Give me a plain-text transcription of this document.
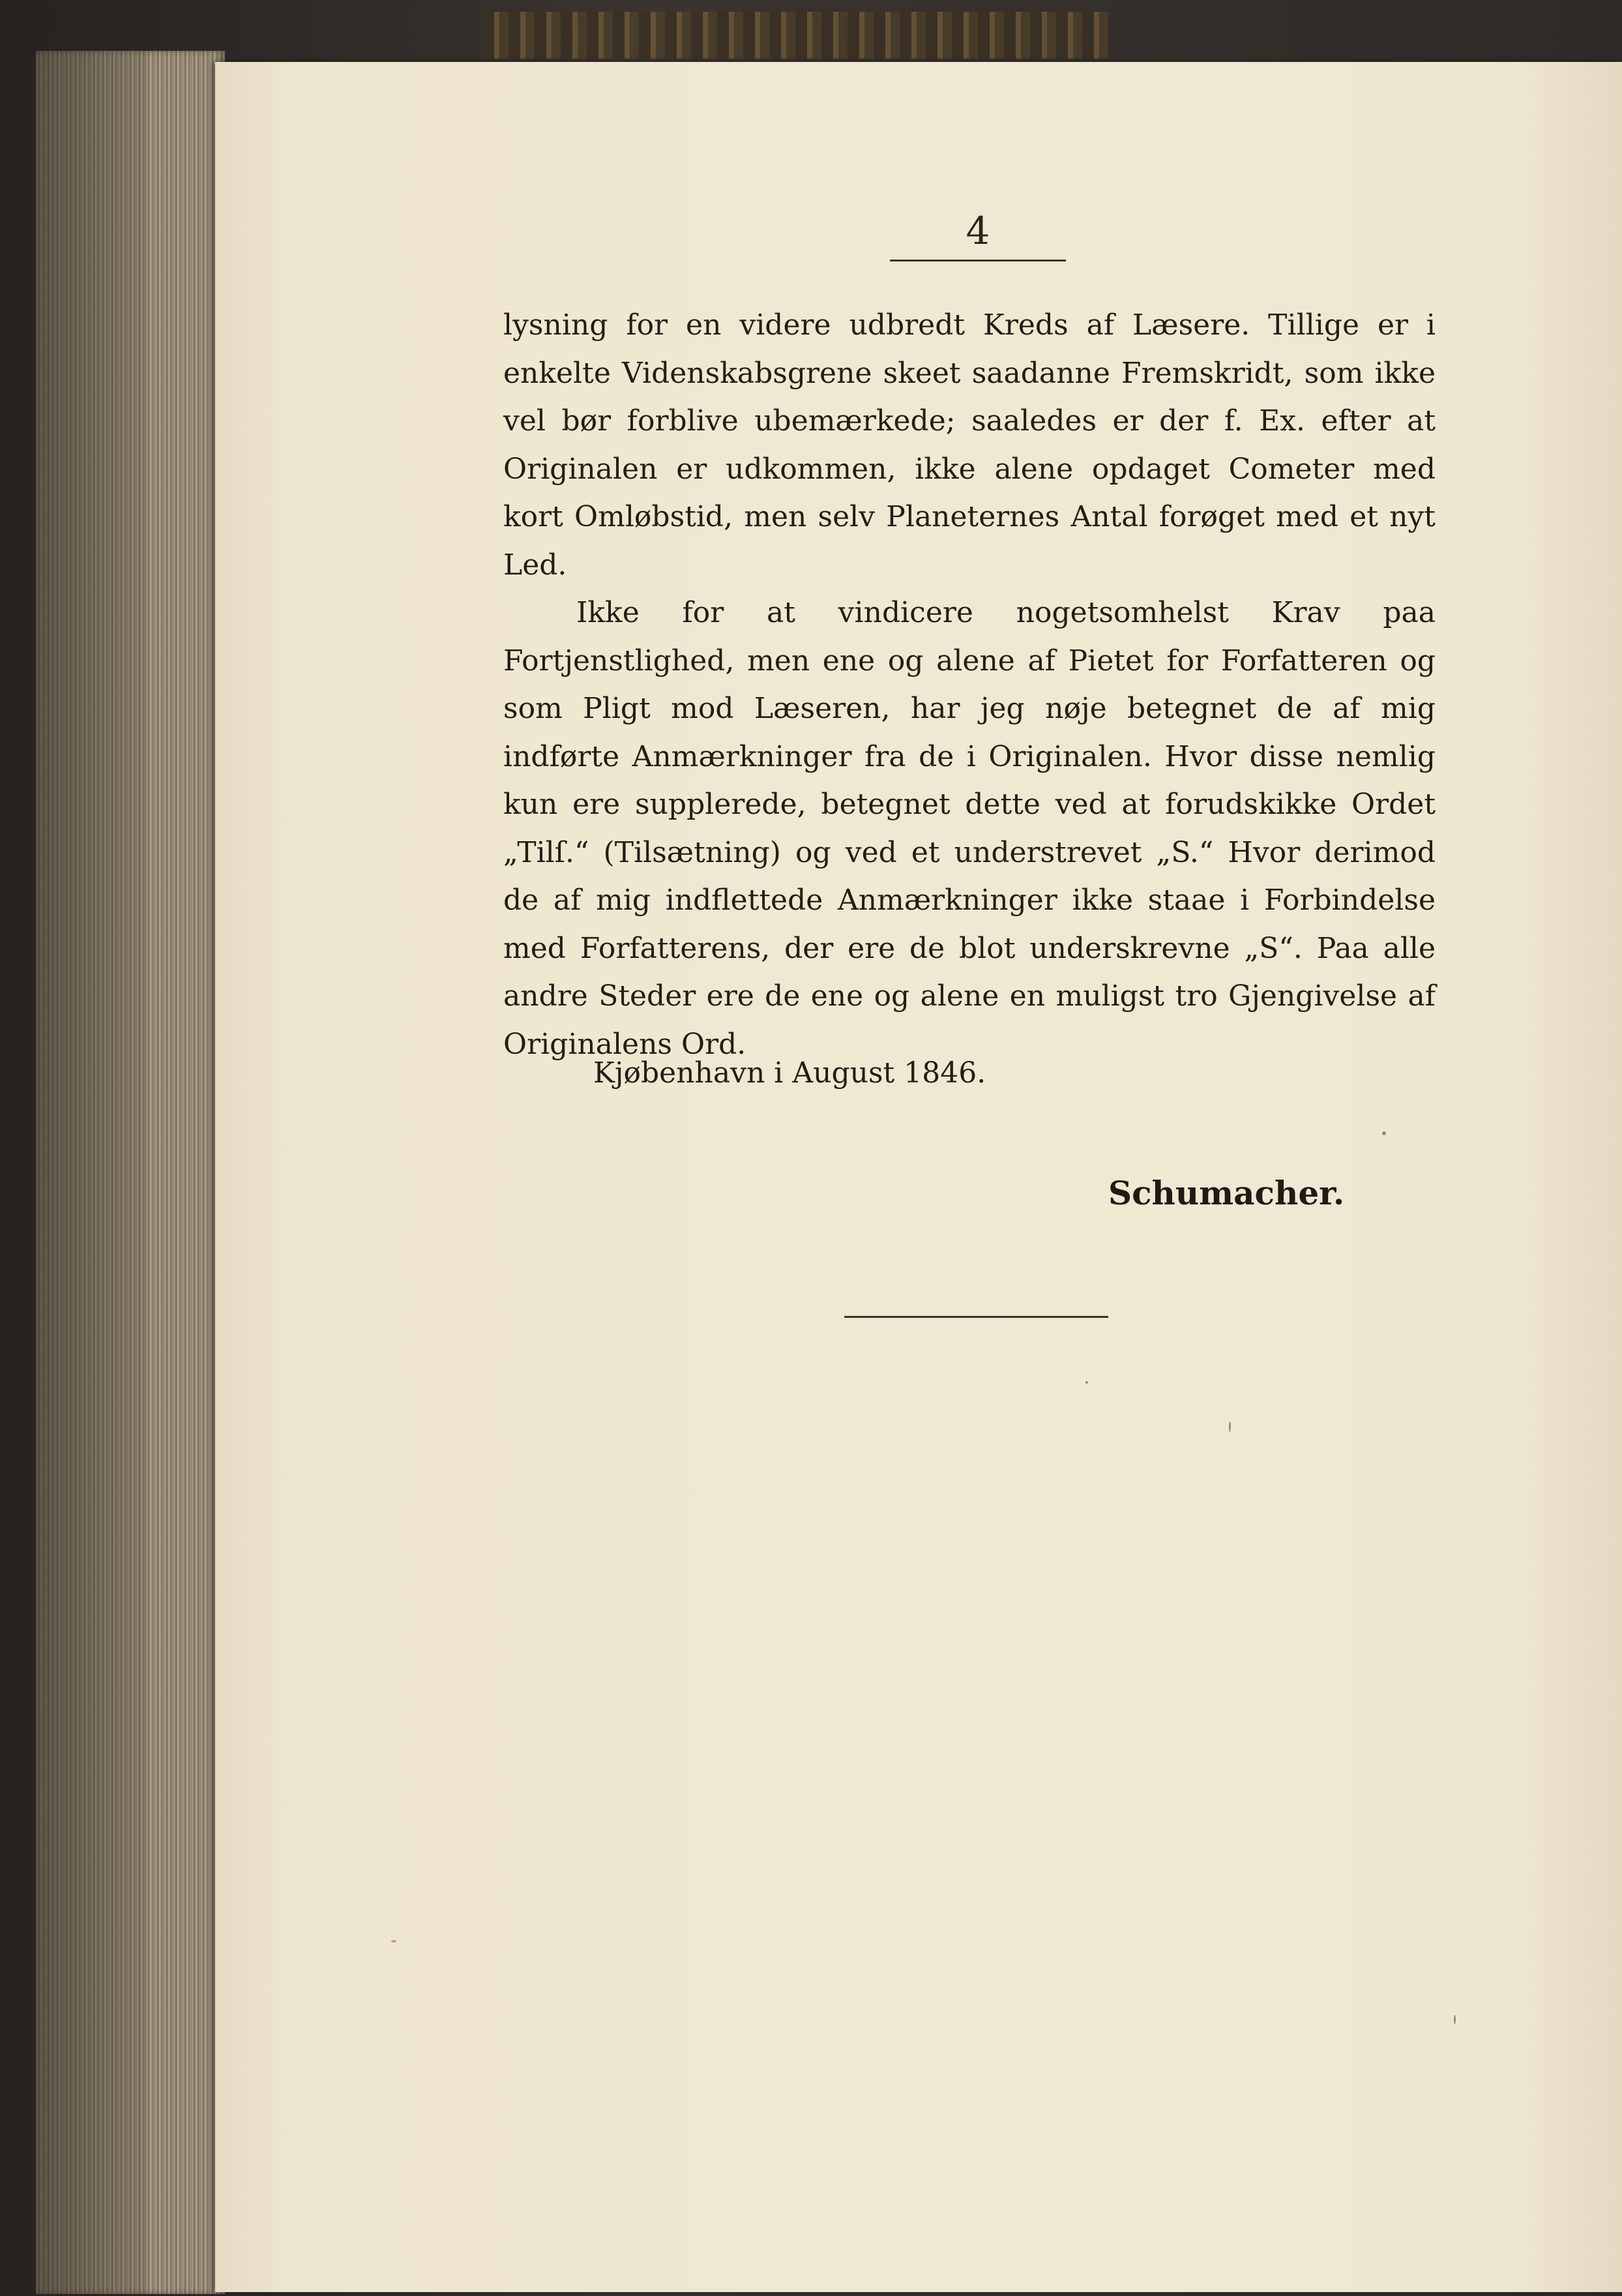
4

lysning for en videre udbredt Kreds af Læsere. Tillige er i enkelte Videnskabsgrene skeet saadanne Fremskridt, som ikke vel bør forblive ubemærkede; saaledes er der f. Ex. efter at Originalen er udkommen, ikke alene opdaget Cometer med kort Omløbstid, men selv Planeternes Antal forøget med et nyt Led.

Ikke for at vindicere nogetsomhelst Krav paa Fortjenstlighed, men ene og alene af Pietet for Forfatteren og som Pligt mod Læseren, har jeg nøje betegnet de af mig indførte Anmærkninger fra de i Originalen. Hvor disse nemlig kun ere supplerede, betegnet dette ved at forudskikke Ordet „Tilſ.“ (Tilsætning) og ved et understrevet „S.“ Hvor derimod de af mig indflettede Anmærkninger ikke staae i Forbindelse med Forfatterens, der ere de blot underskrevne „S“. Paa alle andre Steder ere de ene og alene en muligst tro Gjengivelse af Originalens Ord.

Kjøbenhavn i August 1846.
Schumacher.
